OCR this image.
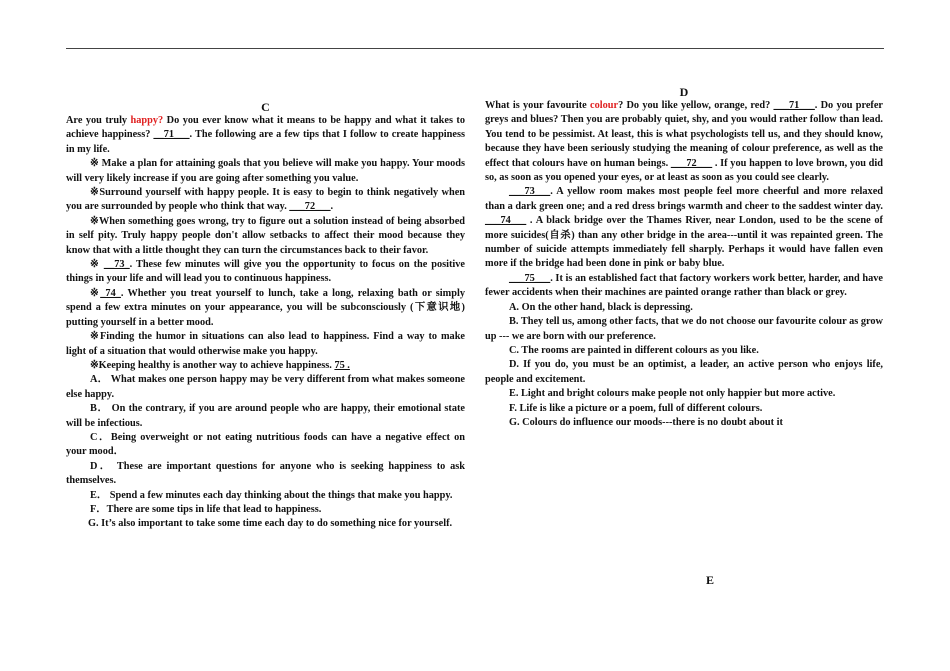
C

Are you truly happy? Do you ever know what it means to be happy and what it takes to achieve happiness? __71___. The following are a few tips that I follow to create happiness in my life.

※ Make a plan for attaining goals that you believe will make you happy. Your moods will very likely increase if you are going after something you value.

※Surround yourself with happy people. It is easy to begin to think negatively when you are surrounded by people who think that way. ___72___.

※When something goes wrong, try to figure out a solution instead of being absorbed in self pity. Truly happy people don't allow setbacks to affect their mood because they know that with a little thought they can turn the circumstances back to their favor.

※ __73_. These few minutes will give you the opportunity to focus on the positive things in your life and will lead you to continuous happiness.

※_74_. Whether you treat yourself to lunch, take a long, relaxing bath or simply spend a few extra minutes on your appearance, you will be subconsciously (下意识地) putting yourself in a better mood.

※Finding the humor in situations can also lead to happiness. Find a way to make light of a situation that would otherwise make you happy.

※Keeping healthy is another way to achieve happiness. 75 .

A． What makes one person happy may be very different from what makes someone else happy.

B． On the contrary, if you are around people who are happy, their emotional state will be infectious.

C．Being overweight or not eating nutritious foods can have a negative effect on your mood．

D． These are important questions for anyone who is seeking happiness to ask themselves.

E． Spend a few minutes each day thinking about the things that make you happy.

F．There are some tips in life that lead to happiness.

G. It’s also important to take some time each day to do something nice for yourself.

D

What is your favourite colour? Do you like yellow, orange, red? ___71___. Do you prefer greys and blues? Then you are probably quiet, shy, and you would rather follow than lead. You tend to be pessimist. At least, this is what psychologists tell us, and they should know, because they have been seriously studying the meaning of colour preference, as well as the effect that colours have on human beings. ___72___ . If you happen to love brown, you did so, as soon as you opened your eyes, or at least as soon as you could see clearly.

___73___. A yellow room makes most people feel more cheerful and more relaxed than a dark green one; and a red dress brings warmth and cheer to the saddest winter day. ___74___ . A black bridge over the Thames River, near London, used to be the scene of more suicides(自杀) than any other bridge in the area---until it was repainted green. The number of suicide attempts immediately fell sharply. Perhaps it would have fallen even more if the bridge had been done in pink or baby blue.

___75___. It is an established fact that factory workers work better, harder, and have fewer accidents when their machines are painted orange rather than black or grey.

A. On the other hand, black is depressing.

B. They tell us, among other facts, that we do not choose our favourite colour as grow up --- we are born with our preference.

C. The rooms are painted in different colours as you like.

D. If you do, you must be an optimist, a leader, an active person who enjoys life, people and excitement.

E. Light and bright colours make people not only happier but more active.

F. Life is like a picture or a poem, full of different colours.

G. Colours do influence our moods---there is no doubt about it

E
